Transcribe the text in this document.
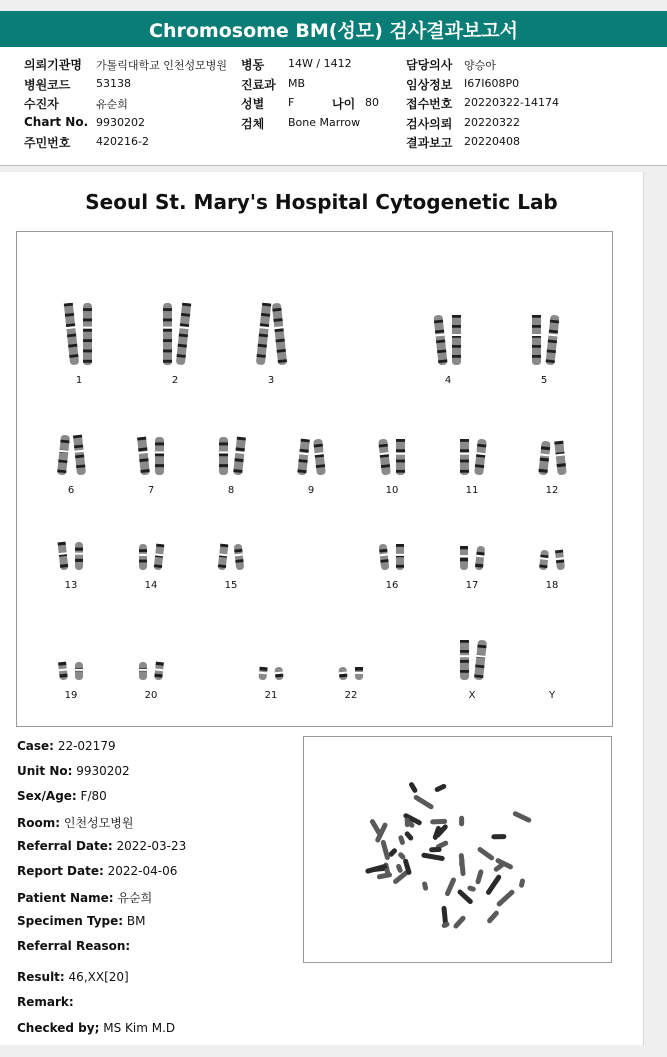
Chromosome BM(성모) 검사결과보고서
의뢰기관명 가톨릭대학교 인천성모병원
병원코드 53138
수진자	유순희
Chart No. 9930202
주민번호 420216-2
병동 14W / 1412
진료과 MB
성별 F	나이 80
검체 Bone Marrow
담당의사 양승아
임상정보 I67I608P0
접수번호 20220322-14174
검사의뢰 20220322
결과보고 20220408
Seoul St. Mary's Hospital Cytogenetic Lab
1	2	3	4	5
6	7	8	9	10	11	12
13	14	15	16	17	18
19	20	21	22	X	Y
Case: 22-02179
Unit No: 9930202
Sex/Age: F/80
Room: 인천성모병원
Referral Date: 2022-03-23
Report Date: 2022-04-06
Patient Name: 유순희
Specimen Type: BM
Referral Reason:
Result: 46,XX[20]
Remark:
Checked by; MS Kim M.D
